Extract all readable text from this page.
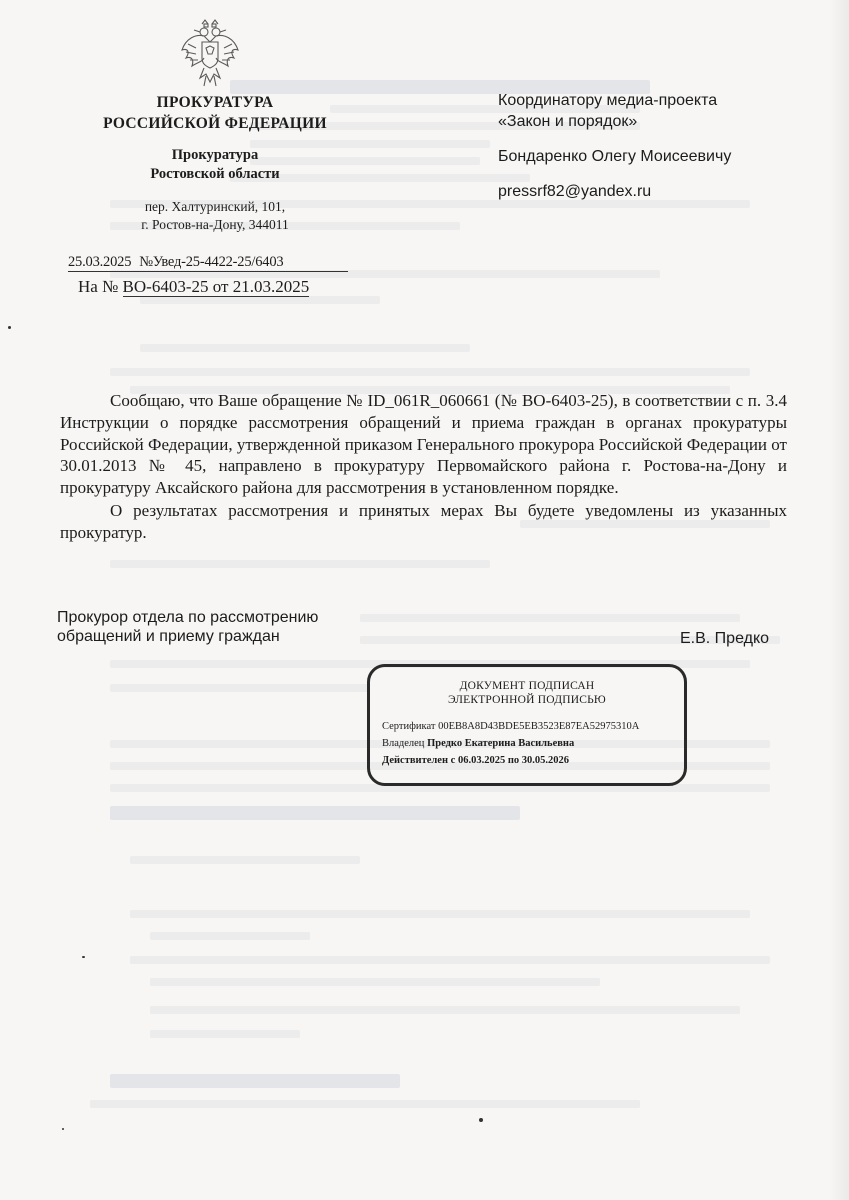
ПРОКУРАТУРА
РОССИЙСКОЙ ФЕДЕРАЦИИ
Прокуратура
Ростовской области
пер. Халтуринский, 101,
г. Ростов-на-Дону, 344011
25.03.2025 №Увед-25-4422-25/6403
На № ВО-6403-25 от 21.03.2025
Координатору медиа-проекта
«Закон и порядок»
Бондаренко Олегу Моисеевичу
pressrf82@yandex.ru

Сообщаю, что Ваше обращение № ID_061R_060661 (№ ВО-6403-25), в соответствии с п. 3.4 Инструкции о порядке рассмотрения обращений и приема граждан в органах прокуратуры Российской Федерации, утвержденной приказом Генерального прокурора Российской Федерации от 30.01.2013 № 45, направлено в прокуратуру Первомайского района г. Ростова-на-Дону и прокуратуру Аксайского района для рассмотрения в установленном порядке.

О результатах рассмотрения и принятых мерах Вы будете уведомлены из указанных прокуратур.

Прокурор отдела по рассмотрению
обращений и приему граждан	Е.В. Предко
ДОКУМЕНТ ПОДПИСАН
ЭЛЕКТРОННОЙ ПОДПИСЬЮ
Сертификат 00EB8A8D43BDE5EB3523E87EA52975310A
Владелец Предко Екатерина Васильевна
Действителен с 06.03.2025 по 30.05.2026
